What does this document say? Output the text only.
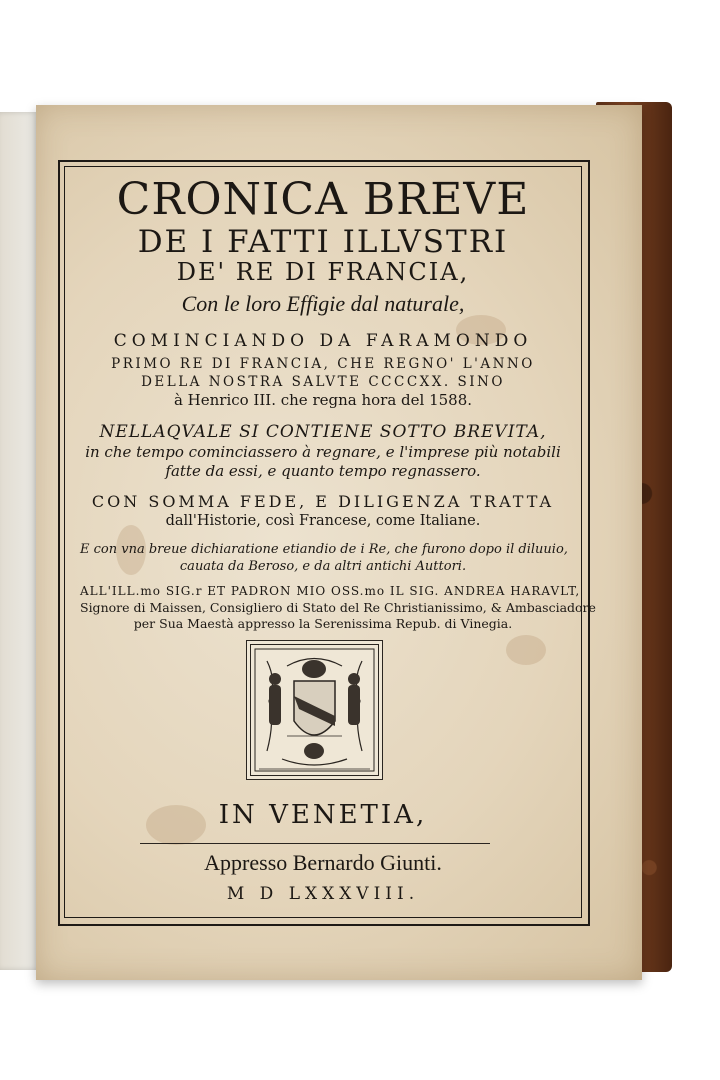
CRONICA BREVE
DE I FATTI ILLVSTRI
DE' RE DI FRANCIA,
Con le loro Effigie dal naturale,
COMINCIANDO DA FARAMONDO
PRIMO RE DI FRANCIA, CHE REGNO' L'ANNO
DELLA NOSTRA SALVTE CCCCXX. SINO
à Henrico III. che regna hora del 1588.
NELLAQVALE SI CONTIENE SOTTO BREVITA,
in che tempo cominciassero à regnare, e l'imprese più notabili
fatte da essi, e quanto tempo regnassero.
CON SOMMA FEDE, E DILIGENZA TRATTA
dall'Historie, così Francese, come Italiane.
E con vna breue dichiaratione etiandio de i Re, che furono dopo il diluuio,
cauata da Beroso, e da altri antichi Auttori.
ALL'ILL.mo SIG.r ET PADRON MIO OSS.mo IL SIG. ANDREA HARAVLT,
Signore di Maissen, Consigliero di Stato del Re Christianissimo, & Ambasciadore
per Sua Maestà appresso la Serenissima Repub. di Vinegia.
IN VENETIA,
Appresso Bernardo Giunti.
M D LXXXVIII.
